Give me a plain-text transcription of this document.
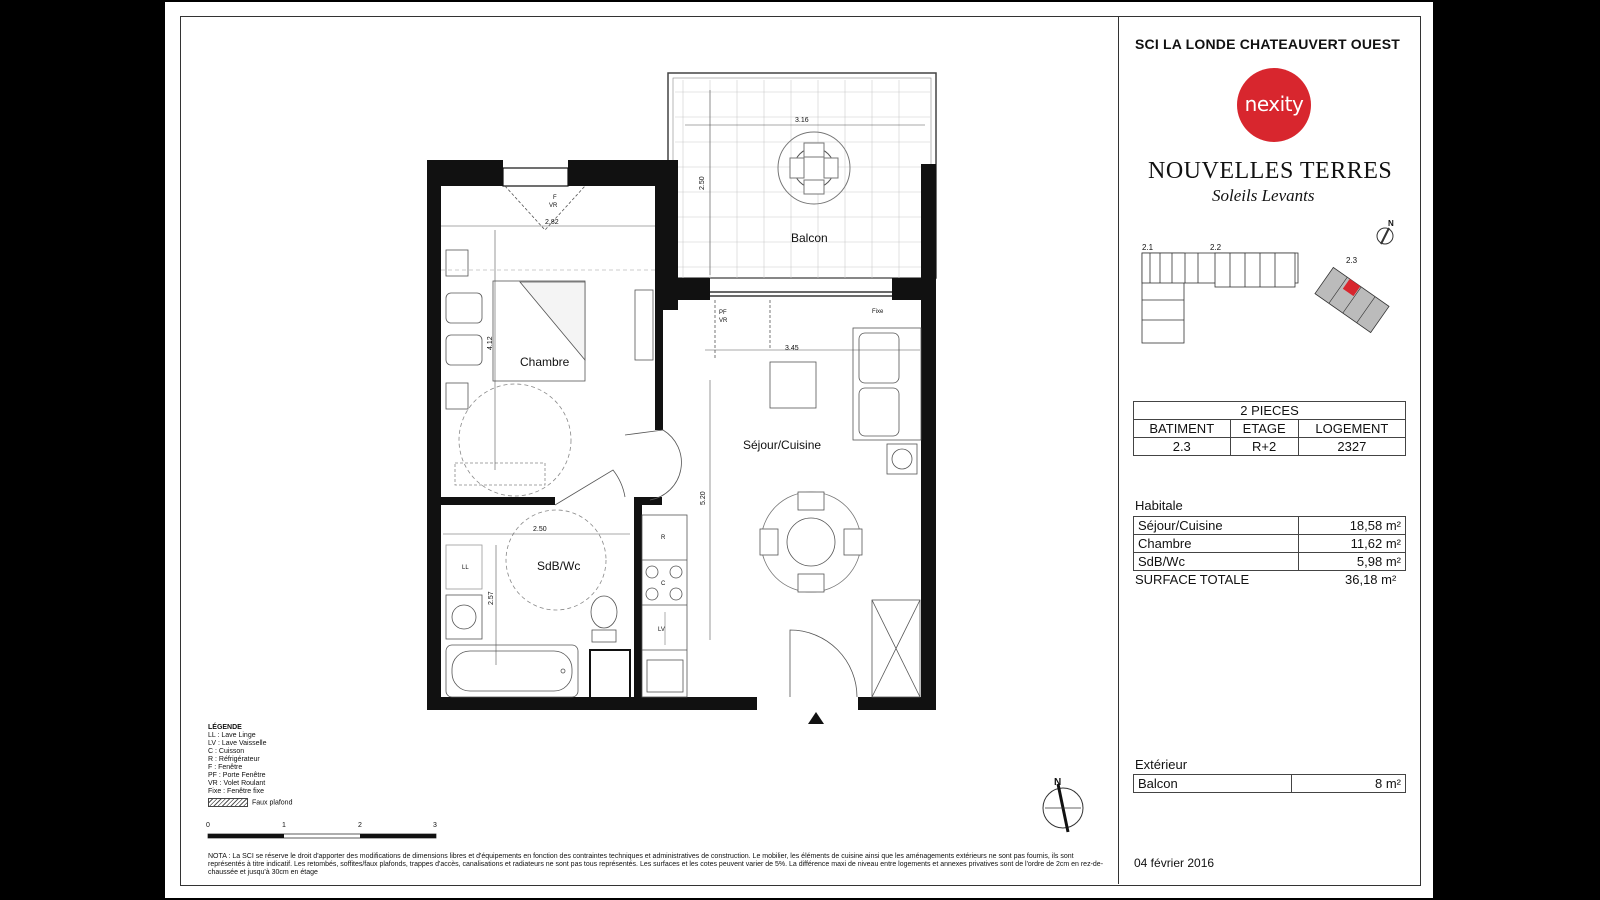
SCI LA LONDE CHATEAUVERT OUEST
nexity
NOUVELLES TERRES
Soleils Levants
2.1	2.2
2.3
N
2 PIECES		
BATIMENT	ETAGE	LOGEMENT
2.3	R+2	2327
Habitale
Séjour/Cuisine	18,58 m²
Chambre	11,62 m²
SdB/Wc	5,98 m²
SURFACE TOTALE	36,18 m²
Extérieur
Balcon	8 m²
04 février 2016
Balcon
Chambre
Séjour/Cuisine
SdB/Wc
3.16
2.50
2.82
4.12	3.45
5.20
2.50
2.57
F
VR
PF
VR
Fixe
LL
R
C
LV
N
0	1	2	3
LÉGENDE
LL : Lave Linge
LV : Lave Vaisselle
C : Cuisson
R : Réfrigérateur
F : Fenêtre
PF : Porte Fenêtre
VR : Volet Roulant
Fixe : Fenêtre fixe
Faux plafond
NOTA : La SCI se réserve le droit d'apporter des modifications de dimensions libres et d'équipements en fonction des contraintes techniques et administratives de construction. Le mobilier, les éléments de cuisine ainsi que les aménagements extérieurs ne sont pas fournis, ils sont représentés à titre indicatif. Les retombés, soffites/faux plafonds, trappes d'accès, canalisations et radiateurs ne sont pas tous représentés. Les surfaces et les cotes peuvent varier de 5%. La différence maxi de niveau entre logements et annexes privatives sont de l'ordre de 2cm en rez-de-chaussée et jusqu'à 30cm en étage
